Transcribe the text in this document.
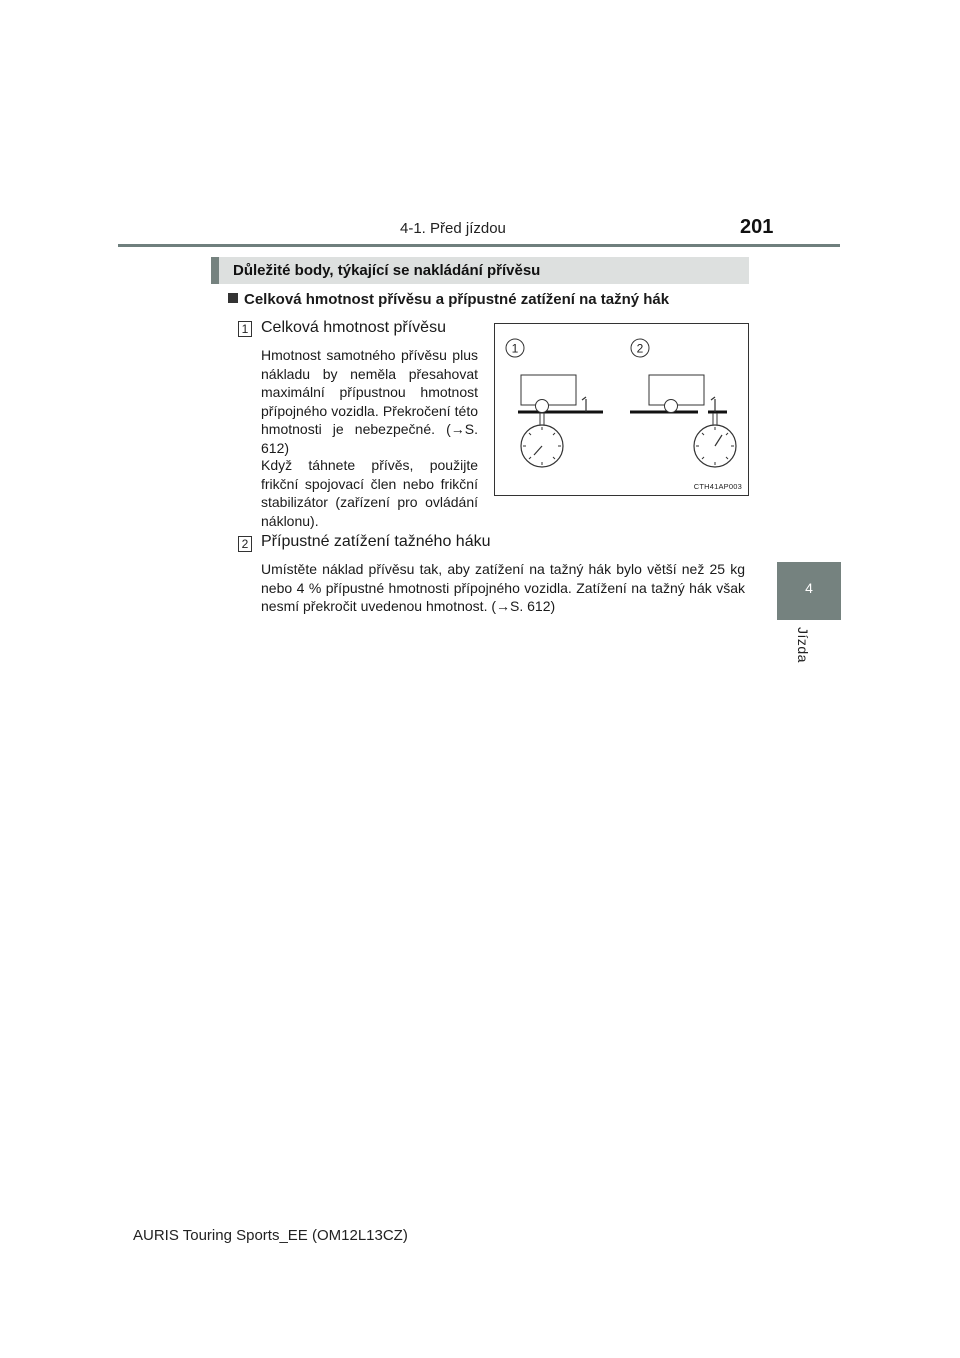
4-1. Před jízdou	201
4
Jízda
Důležité body, týkající se nakládání přívěsu
Celková hmotnost přívěsu a přípustné zatížení na tažný hák
1 Celková hmotnost přívěsu
Hmotnost samotného přívěsu plus nákladu by neměla přesahovat maximální přípustnou hmotnost přípojného vozidla. Překročení této hmotnosti je nebezpečné. (→S. 612)
Když táhnete přívěs, použijte frikční spojovací člen nebo frikční stabilizátor (zařízení pro ovládání náklonu).
1	2
CTH41AP003
2 Přípustné zatížení tažného háku
Umístěte náklad přívěsu tak, aby zatížení na tažný hák bylo větší než 25 kg nebo 4 % přípustné hmotnosti přípojného vozidla. Zatížení na tažný hák však nesmí překročit uvedenou hmotnost. (→S. 612)
AURIS Touring Sports_EE (OM12L13CZ)
